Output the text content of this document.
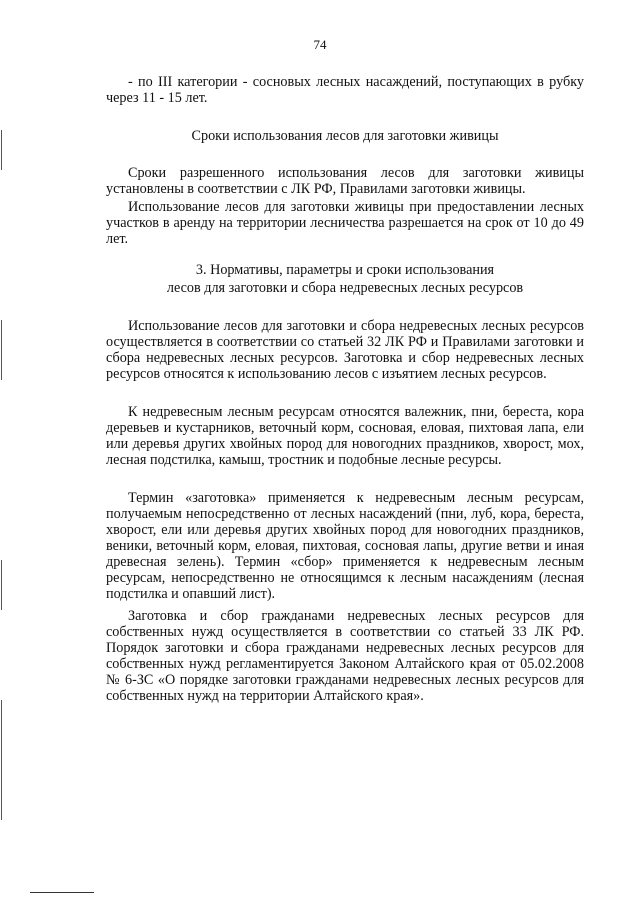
74

- по III категории - сосновых лесных насаждений, поступающих в рубку через 11 - 15 лет.

Сроки использования лесов для заготовки живицы

Сроки разрешенного использования лесов для заготовки живицы установлены в соответствии с ЛК РФ, Правилами заготовки живицы.

Использование лесов для заготовки живицы при предоставлении лесных участков в аренду на территории лесничества разрешается на срок от 10 до 49 лет.

3. Нормативы, параметры и сроки использования
лесов для заготовки и сбора недревесных лесных ресурсов

Использование лесов для заготовки и сбора недревесных лесных ресурсов осуществляется в соответствии со статьей 32 ЛК РФ и Правилами заготовки и сбора недревесных лесных ресурсов. Заготовка и сбор недревесных лесных ресурсов относятся к использованию лесов с изъятием лесных ресурсов.

К недревесным лесным ресурсам относятся валежник, пни, береста, кора деревьев и кустарников, веточный корм, сосновая, еловая, пихтовая лапа, ели или деревья других хвойных пород для новогодних праздников, хворост, мох, лесная подстилка, камыш, тростник и подобные лесные ресурсы.

Термин «заготовка» применяется к недревесным лесным ресурсам, получаемым непосредственно от лесных насаждений (пни, луб, кора, береста, хворост, ели или деревья других хвойных пород для новогодних праздников, веники, веточный корм, еловая, пихтовая, сосновая лапы, другие ветви и иная древесная зелень). Термин «сбор» применяется к недревесным лесным ресурсам, непосредственно не относящимся к лесным насаждениям (лесная подстилка и опавший лист).

Заготовка и сбор гражданами недревесных лесных ресурсов для собственных нужд осуществляется в соответствии со статьей 33 ЛК РФ. Порядок заготовки и сбора гражданами недревесных лесных ресурсов для собственных нужд регламентируется Законом Алтайского края от 05.02.2008 № 6-ЗС «О порядке заготовки гражданами недревесных лесных ресурсов для собственных нужд на территории Алтайского края».
